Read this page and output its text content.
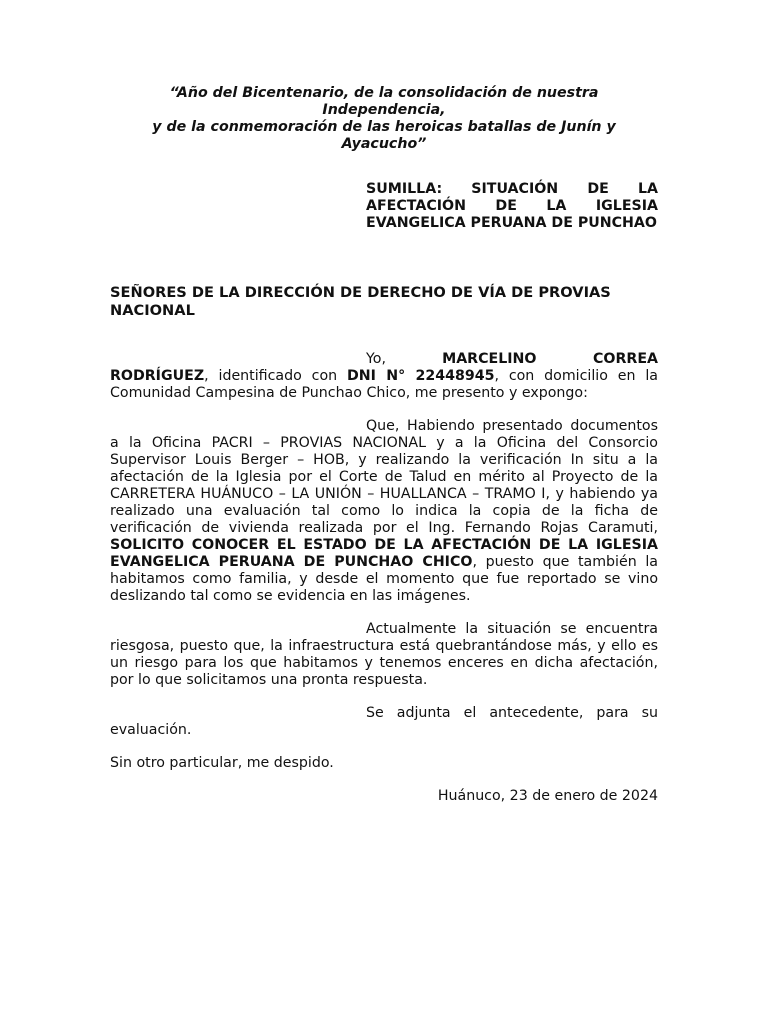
“Año del Bicentenario, de la consolidación de nuestra Independencia,
y de la conmemoración de las heroicas batallas de Junín y Ayacucho”
SUMILLA: SITUACIÓN DE LA AFECTACIÓN DE LA IGLESIA EVANGELICA PERUANA DE PUNCHAO
SEÑORES DE LA DIRECCIÓN DE DERECHO DE VÍA DE PROVIAS NACIONAL

Yo, MARCELINO CORREA RODRÍGUEZ, identificado con DNI N° 22448945, con domicilio en la Comunidad Campesina de Punchao Chico, me presento y expongo:

Que, Habiendo presentado documentos a la Oficina PACRI – PROVIAS NACIONAL y a la Oficina del Consorcio Supervisor Louis Berger – HOB, y realizando la verificación In situ a la afectación de la Iglesia por el Corte de Talud en mérito al Proyecto de la CARRETERA HUÁNUCO – LA UNIÓN – HUALLANCA – TRAMO I, y habiendo ya realizado una evaluación tal como lo indica la copia de la ficha de verificación de vivienda realizada por el Ing. Fernando Rojas Caramuti, SOLICITO CONOCER EL ESTADO DE LA AFECTACIÓN DE LA IGLESIA EVANGELICA PERUANA DE PUNCHAO CHICO, puesto que también la habitamos como familia, y desde el momento que fue reportado se vino deslizando tal como se evidencia en las imágenes.

Actualmente la situación se encuentra riesgosa, puesto que, la infraestructura está quebrantándose más, y ello es un riesgo para los que habitamos y tenemos enceres en dicha afectación, por lo que solicitamos una pronta respuesta.

Se adjunta el antecedente, para su evaluación.

Sin otro particular, me despido.

Huánuco, 23 de enero de 2024
